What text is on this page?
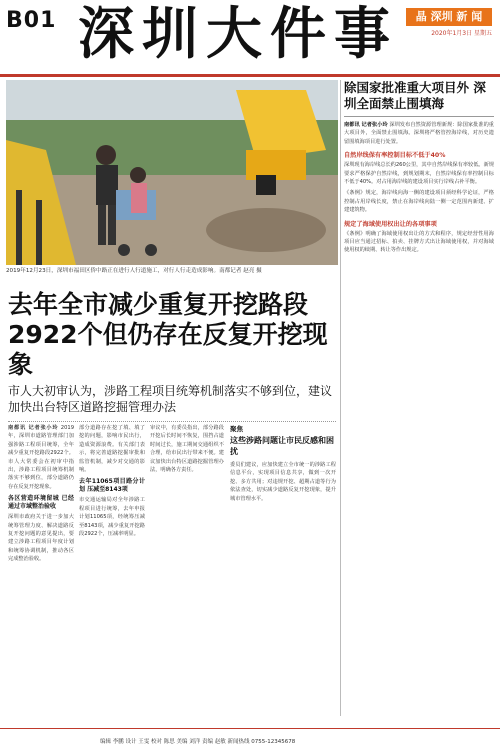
B01 深圳大件事	晶 深圳 新 闻
2020年1月3日 星期五
2019年12月23日，深圳市福田区侨中路正在进行人行道施工，对行人行走造成影响。南都记者 赵亮 摄
除国家批准重大项目外 深圳全面禁止围填海
南都讯 记者张小玲 深圳发布自然资源管理新规：除国家批准的重大项目外，全面禁止围填海。深圳将严格管控海岸线，对历史遗留围填海项目进行处置。
自然岸线保有率控制目标不低于40%
深圳现有海岸线总长约260公里，其中自然岸线保有率较低。新规要求严格保护自然岸线，到规划期末，自然岸线保有率控制目标不低于40%。对占用海岸线的建设项目实行岸线占补平衡。
《条例》规定，海岸线向海一侧的建设项目须经科学论证，严格控制占用岸线长度，禁止在海岸线向陆一侧一定范围内新建、扩建建筑物。
规定了海域使用权出让的各项事项
《条例》明确了海域使用权出让的方式和程序，规定经营性用海项目应当通过招标、拍卖、挂牌方式出让海域使用权，并对海域使用权的续期、转让等作出规定。
去年全市减少重复开挖路段2922个但仍存在反复开挖现象
市人大初审认为，涉路工程项目统筹机制落实不够到位，建议加快出台特区道路挖掘管理办法

南都讯 记者张小玲 2019年，深圳市道路管理部门加强涉路工程项目统筹，全年减少重复开挖路段2922个。市人大常委会在初审中指出，涉路工程项目统筹机制落实不够到位，部分道路仍存在反复开挖现象。

各区营造环境留城 已经通过市域整治验收

深圳市政府关于进一步加大统筹管理力度、解决道路反复开挖问题的意见提出，要建立涉路工程项目年度计划和统筹协调机制，推动各区完成整治验收。

部分道路存在挖了填、填了挖的问题，影响市民出行，造成资源浪费。有关部门表示，将完善道路挖掘审批和监管机制，减少对交通的影响。

去年11065项目路分计划 压减至8143项

市交通运输局对全年涉路工程项目进行统筹，去年申报计划11065项，经统筹压减至8143项，减少重复开挖路段2922个，压减率明显。

审议中，有委员指出，部分路段开挖后长时间不恢复，围挡占道时间过长，施工期间交通组织不合理，给市民出行带来不便。建议加快出台特区道路挖掘管理办法，明确各方责任。

聚焦
这些涉路问题让市民反感和困扰
委员们建议，应加快建立全市统一的涉路工程信息平台，实现项目信息共享，做到一次开挖、多方共用；对违规开挖、超期占道等行为依法查处，切实减少道路反复开挖现象，提升城市管理水平。
编辑 李鹏 设计 王雯 校对 陈思 美编 刘洋 责编 赵敏 新闻热线 0755-12345678
